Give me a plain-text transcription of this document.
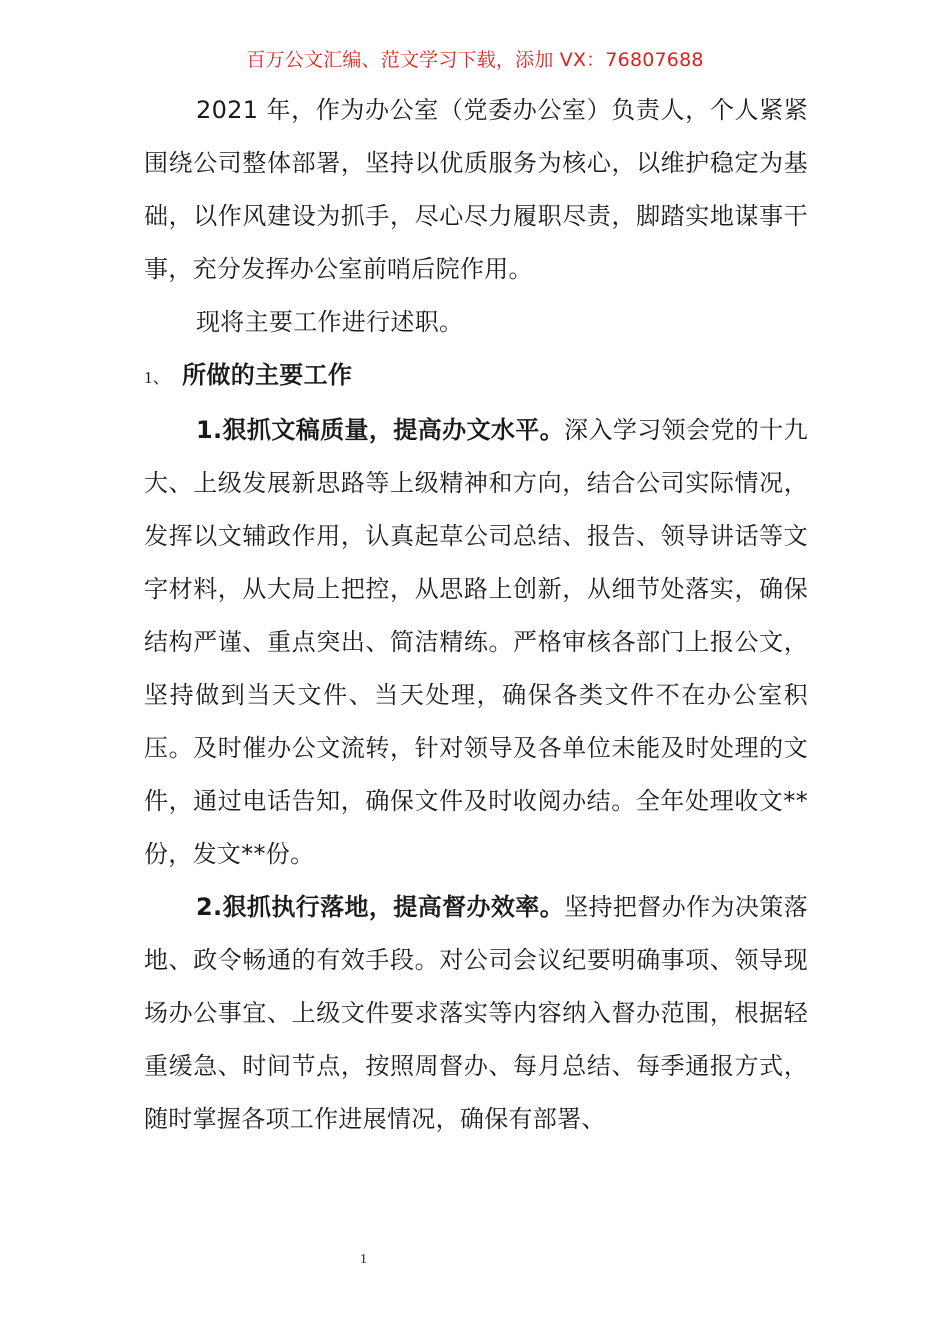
百万公文汇编、范文学习下载，添加 VX：76807688

2021 年，作为办公室（党委办公室）负责人，个人紧紧围绕公司整体部署，坚持以优质服务为核心，以维护稳定为基础，以作风建设为抓手，尽心尽力履职尽责，脚踏实地谋事干事，充分发挥办公室前哨后院作用。

现将主要工作进行述职。

1、 所做的主要工作

1.狠抓文稿质量，提高办文水平。深入学习领会党的十九大、上级发展新思路等上级精神和方向，结合公司实际情况，发挥以文辅政作用，认真起草公司总结、报告、领导讲话等文字材料，从大局上把控，从思路上创新，从细节处落实，确保结构严谨、重点突出、简洁精练。严格审核各部门上报公文，坚持做到当天文件、当天处理，确保各类文件不在办公室积压。及时催办公文流转，针对领导及各单位未能及时处理的文件，通过电话告知，确保文件及时收阅办结。全年处理收文**份，发文**份。

2.狠抓执行落地，提高督办效率。坚持把督办作为决策落地、政令畅通的有效手段。对公司会议纪要明确事项、领导现场办公事宜、上级文件要求落实等内容纳入督办范围，根据轻重缓急、时间节点，按照周督办、每月总结、每季通报方式，随时掌握各项工作进展情况，确保有部署、

1
